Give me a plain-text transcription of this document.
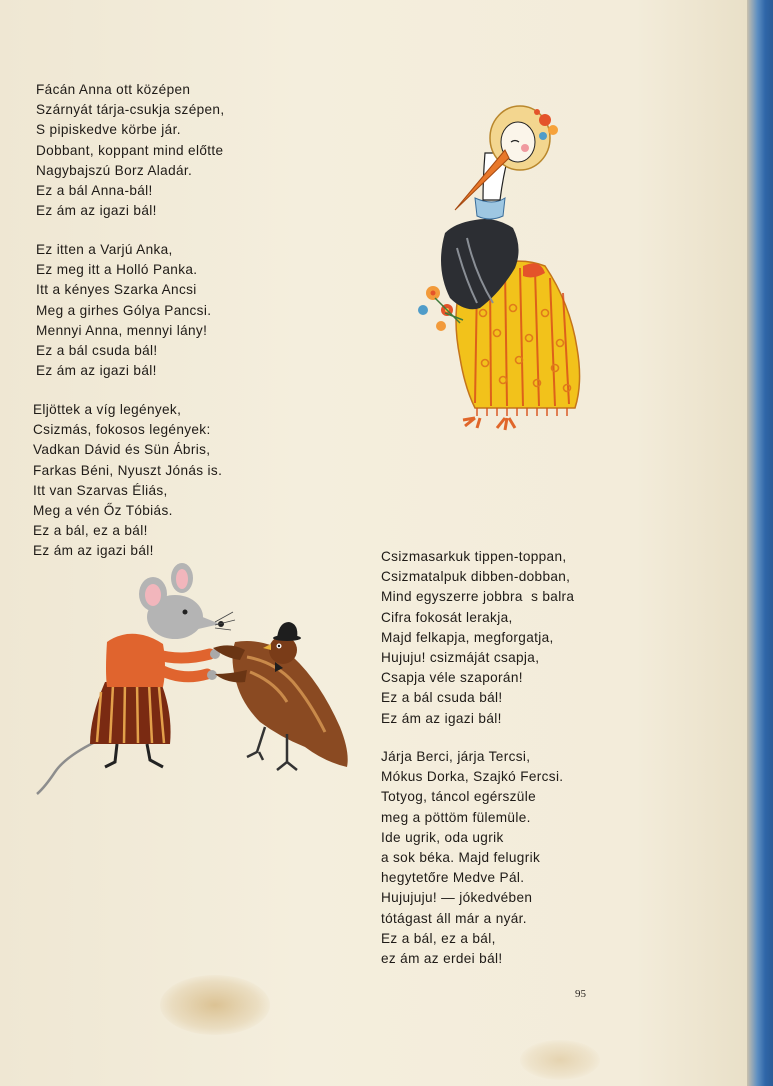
Fácán Anna ott középen
Szárnyát tárja-csukja szépen,
S pipiskedve körbe jár.
Dobbant, koppant mind előtte
Nagybajszú Borz Aladár.
Ez a bál Anna-bál!
Ez ám az igazi bál!
Ez itten a Varjú Anka,
Ez meg itt a Holló Panka.
Itt a kényes Szarka Ancsi
Meg a girhes Gólya Pancsi.
Mennyi Anna, mennyi lány!
Ez a bál csuda bál!
Ez ám az igazi bál!
Eljöttek a víg legények,
Csizmás, fokosos legények:
Vadkan Dávid és Sün Ábris,
Farkas Béni, Nyuszt Jónás is.
Itt van Szarvas Éliás,
Meg a vén Őz Tóbiás.
Ez a bál, ez a bál!
Ez ám az igazi bál!	Csizmasarkuk tippen-toppan,
Csizmatalpuk dibben-dobban,
Mind egyszerre jobbra  s balra
Cifra fokosát lerakja,
Majd felkapja, megforgatja,
Hujuju! csizmáját csapja,
Csapja véle szaporán!
Ez a bál csuda bál!
Ez ám az igazi bál!
Járja Berci, járja Tercsi,
Mókus Dorka, Szajkó Fercsi.
Totyog, táncol egérszüle
meg a pöttöm fülemüle.
Ide ugrik, oda ugrik
a sok béka. Majd felugrik
hegytetőre Medve Pál.
Hujujuju! — jókedvében
tótágast áll már a nyár.
Ez a bál, ez a bál,
ez ám az erdei bál!
95
